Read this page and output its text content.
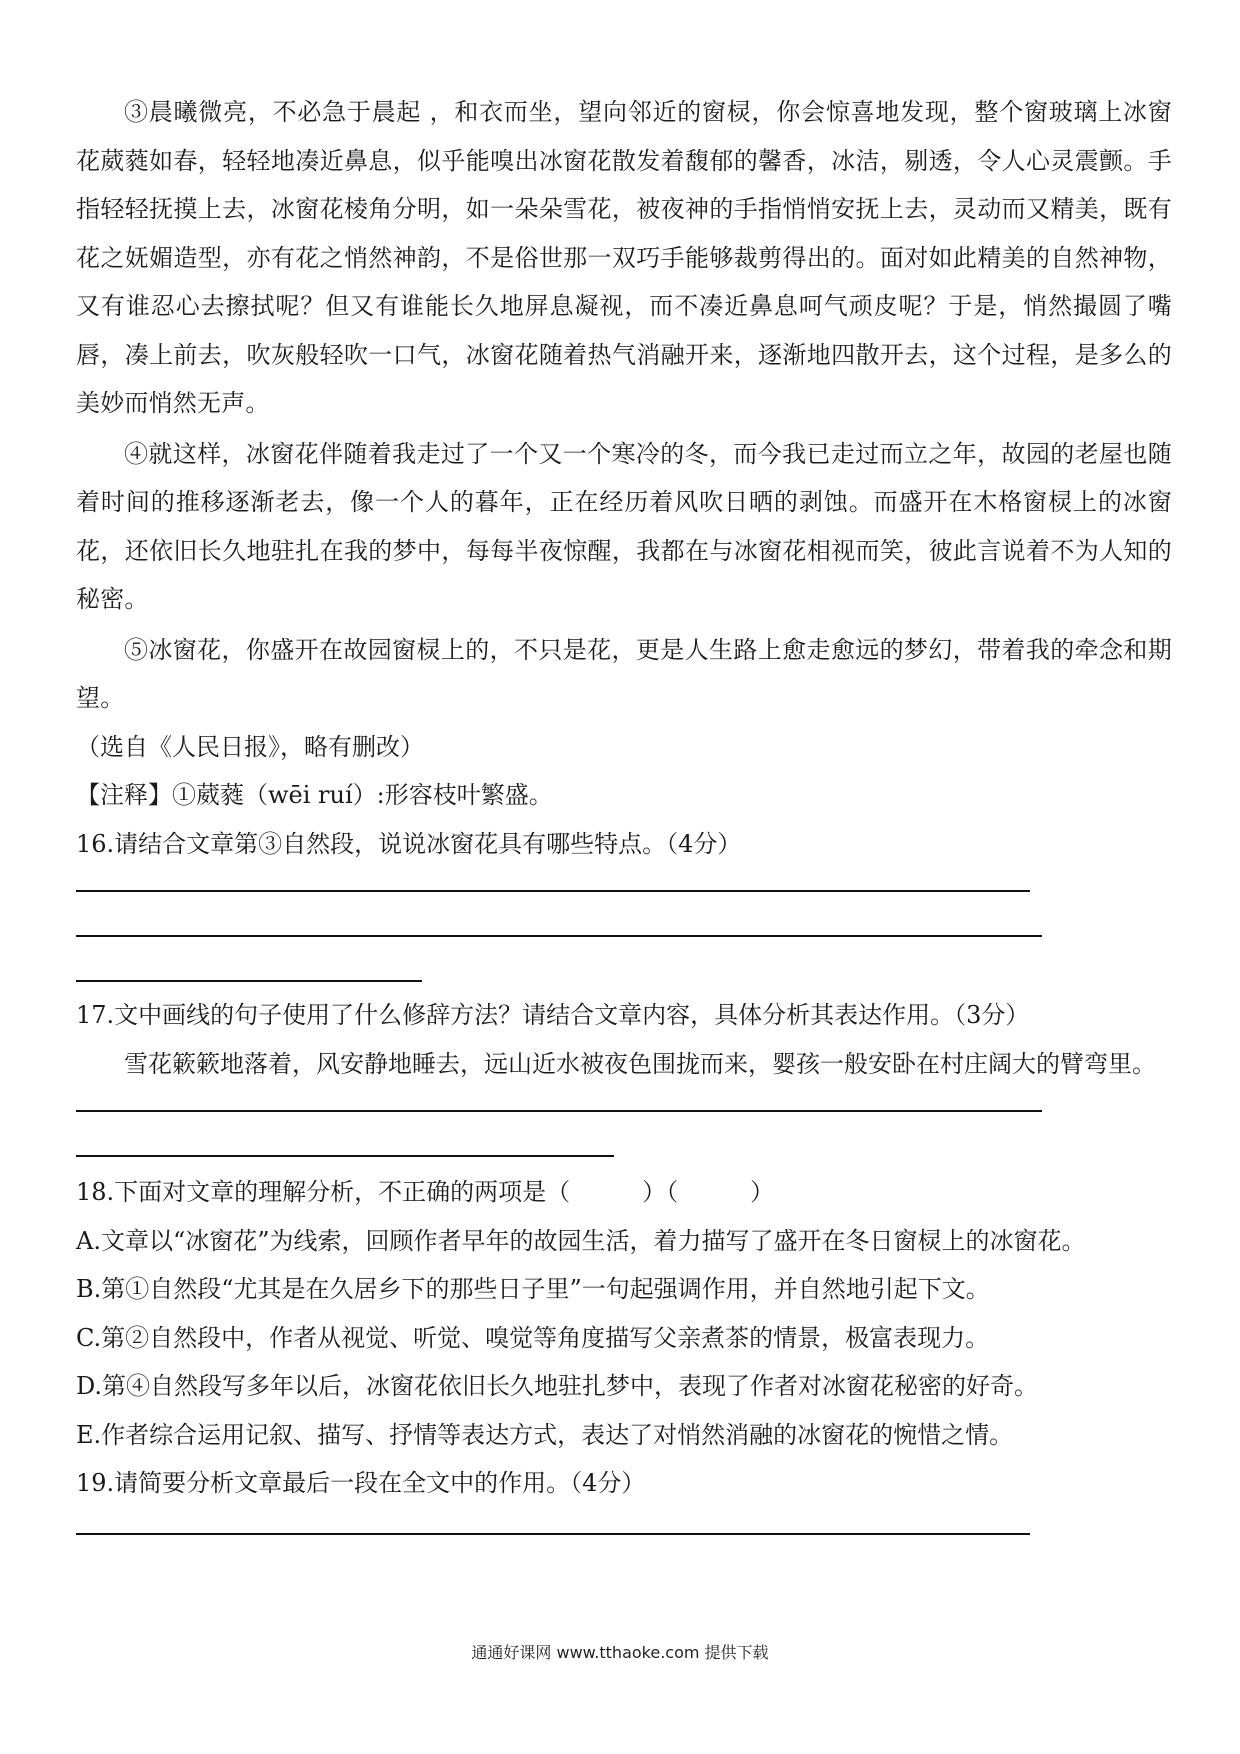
③晨曦微亮，不必急于晨起 ，和衣而坐，望向邻近的窗棂，你会惊喜地发现，整个窗玻璃上冰窗花葳蕤如春，轻轻地凑近鼻息，似乎能嗅出冰窗花散发着馥郁的馨香，冰洁，剔透，令人心灵震颤。手指轻轻抚摸上去，冰窗花棱角分明，如一朵朵雪花，被夜神的手指悄悄安抚上去，灵动而又精美，既有花之妩媚造型，亦有花之悄然神韵，不是俗世那一双巧手能够裁剪得出的。面对如此精美的自然神物，又有谁忍心去擦拭呢？但又有谁能长久地屏息凝视，而不凑近鼻息呵气顽皮呢？于是，悄然撮圆了嘴唇，凑上前去，吹灰般轻吹一口气，冰窗花随着热气消融开来，逐渐地四散开去，这个过程，是多么的美妙而悄然无声。

④就这样，冰窗花伴随着我走过了一个又一个寒冷的冬，而今我已走过而立之年，故园的老屋也随着时间的推移逐渐老去，像一个人的暮年，正在经历着风吹日晒的剥蚀。而盛开在木格窗棂上的冰窗花，还依旧长久地驻扎在我的梦中，每每半夜惊醒，我都在与冰窗花相视而笑，彼此言说着不为人知的秘密。

⑤冰窗花，你盛开在故园窗棂上的，不只是花，更是人生路上愈走愈远的梦幻，带着我的牵念和期望。

（选自《人民日报》，略有删改）

【注释】①葳蕤（wēi ruí）:形容枝叶繁盛。

16.请结合文章第③自然段，说说冰窗花具有哪些特点。（4分）

17.文中画线的句子使用了什么修辞方法？请结合文章内容，具体分析其表达作用。（3分）

雪花簌簌地落着，风安静地睡去，远山近水被夜色围拢而来，婴孩一般安卧在村庄阔大的臂弯里。

18.下面对文章的理解分析，不正确的两项是（　　　）（　　　）

A.文章以“冰窗花”为线索，回顾作者早年的故园生活，着力描写了盛开在冬日窗棂上的冰窗花。

B.第①自然段“尤其是在久居乡下的那些日子里”一句起强调作用，并自然地引起下文。

C.第②自然段中，作者从视觉、听觉、嗅觉等角度描写父亲煮茶的情景，极富表现力。

D.第④自然段写多年以后，冰窗花依旧长久地驻扎梦中，表现了作者对冰窗花秘密的好奇。

E.作者综合运用记叙、描写、抒情等表达方式，表达了对悄然消融的冰窗花的惋惜之情。

19.请简要分析文章最后一段在全文中的作用。（4分）

通通好课网 www.tthaoke.com 提供下载
